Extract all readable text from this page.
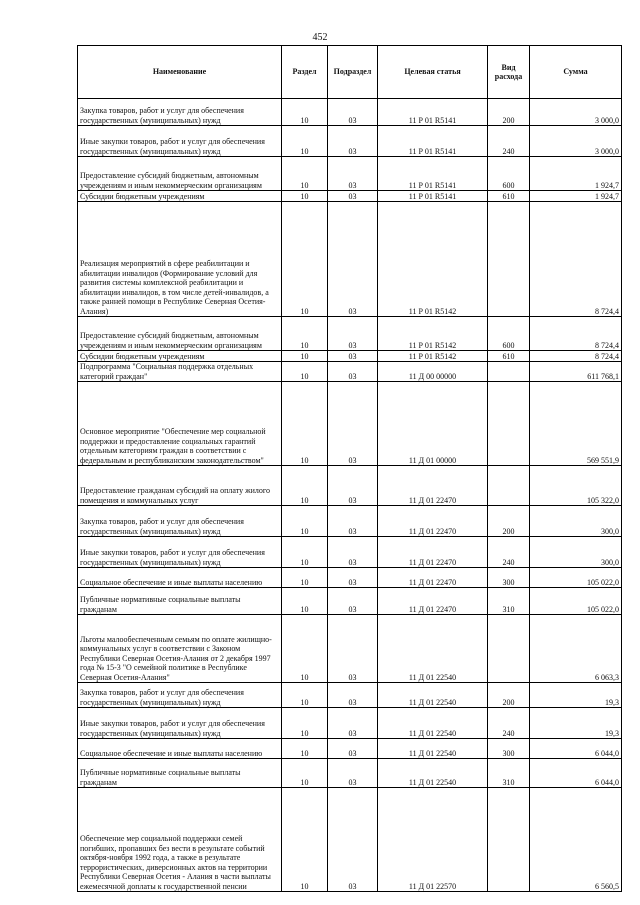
452
Наименование	Раздел	Подраздел	Целевая статья	Вид расхода	Сумма
Закупка товаров, работ и услуг для обеспечения государственных (муниципальных) нужд	10	03	11 Р 01 R5141	200	3 000,0
Иные закупки товаров, работ и услуг для обеспечения государственных (муниципальных) нужд	10	03	11 Р 01 R5141	240	3 000,0
Предоставление субсидий бюджетным, автономным учреждениям и иным некоммерческим организациям	10	03	11 Р 01 R5141	600	1 924,7
Субсидии бюджетным учреждениям	10	03	11 Р 01 R5141	610	1 924,7
Реализация мероприятий в сфере реабилитации и абилитации инвалидов (Формирование условий для развития системы комплексной реабилитации и абилитации инвалидов, в том числе детей-инвалидов, а также ранней помощи в Республике Северная Осетия-Алания)	10	03	11 Р 01 R5142		8 724,4
Предоставление субсидий бюджетным, автономным учреждениям и иным некоммерческим организациям	10	03	11 Р 01 R5142	600	8 724,4
Субсидии бюджетным учреждениям	10	03	11 Р 01 R5142	610	8 724,4
Подпрограмма "Социальная поддержка отдельных категорий граждан"	10	03	11 Д 00 00000		611 768,1
Основное мероприятие "Обеспечение мер социальной поддержки и предоставление социальных гарантий отдельным категориям граждан в соответствии с федеральным и республиканским законодательством"	10	03	11 Д 01 00000		569 551,9
Предоставление гражданам субсидий на оплату жилого помещения и коммунальных услуг	10	03	11 Д 01 22470		105 322,0
Закупка товаров, работ и услуг для обеспечения государственных (муниципальных) нужд	10	03	11 Д 01 22470	200	300,0
Иные закупки товаров, работ и услуг для обеспечения государственных (муниципальных) нужд	10	03	11 Д 01 22470	240	300,0
Социальное обеспечение и иные выплаты населению	10	03	11 Д 01 22470	300	105 022,0
Публичные нормативные социальные выплаты гражданам	10	03	11 Д 01 22470	310	105 022,0
Льготы малообеспеченным семьям по оплате жилищно-коммунальных услуг в соответствии с Законом Республики Северная Осетия-Алания от 2 декабря 1997 года № 15-3 "О семейной политике в Республике Северная Осетия-Алания"	10	03	11 Д 01 22540		6 063,3
Закупка товаров, работ и услуг для обеспечения государственных (муниципальных) нужд	10	03	11 Д 01 22540	200	19,3
Иные закупки товаров, работ и услуг для обеспечения государственных (муниципальных) нужд	10	03	11 Д 01 22540	240	19,3
Социальное обеспечение и иные выплаты населению	10	03	11 Д 01 22540	300	6 044,0
Публичные нормативные социальные выплаты гражданам	10	03	11 Д 01 22540	310	6 044,0
Обеспечение мер социальной поддержки семей погибших, пропавших без вести в результате событий октября-ноября 1992 года, а также в результате террористических, диверсионных актов на территории Республики Северная Осетия - Алания в части выплаты ежемесячной доплаты к государственной пенсии	10	03	11 Д 01 22570		6 560,5
